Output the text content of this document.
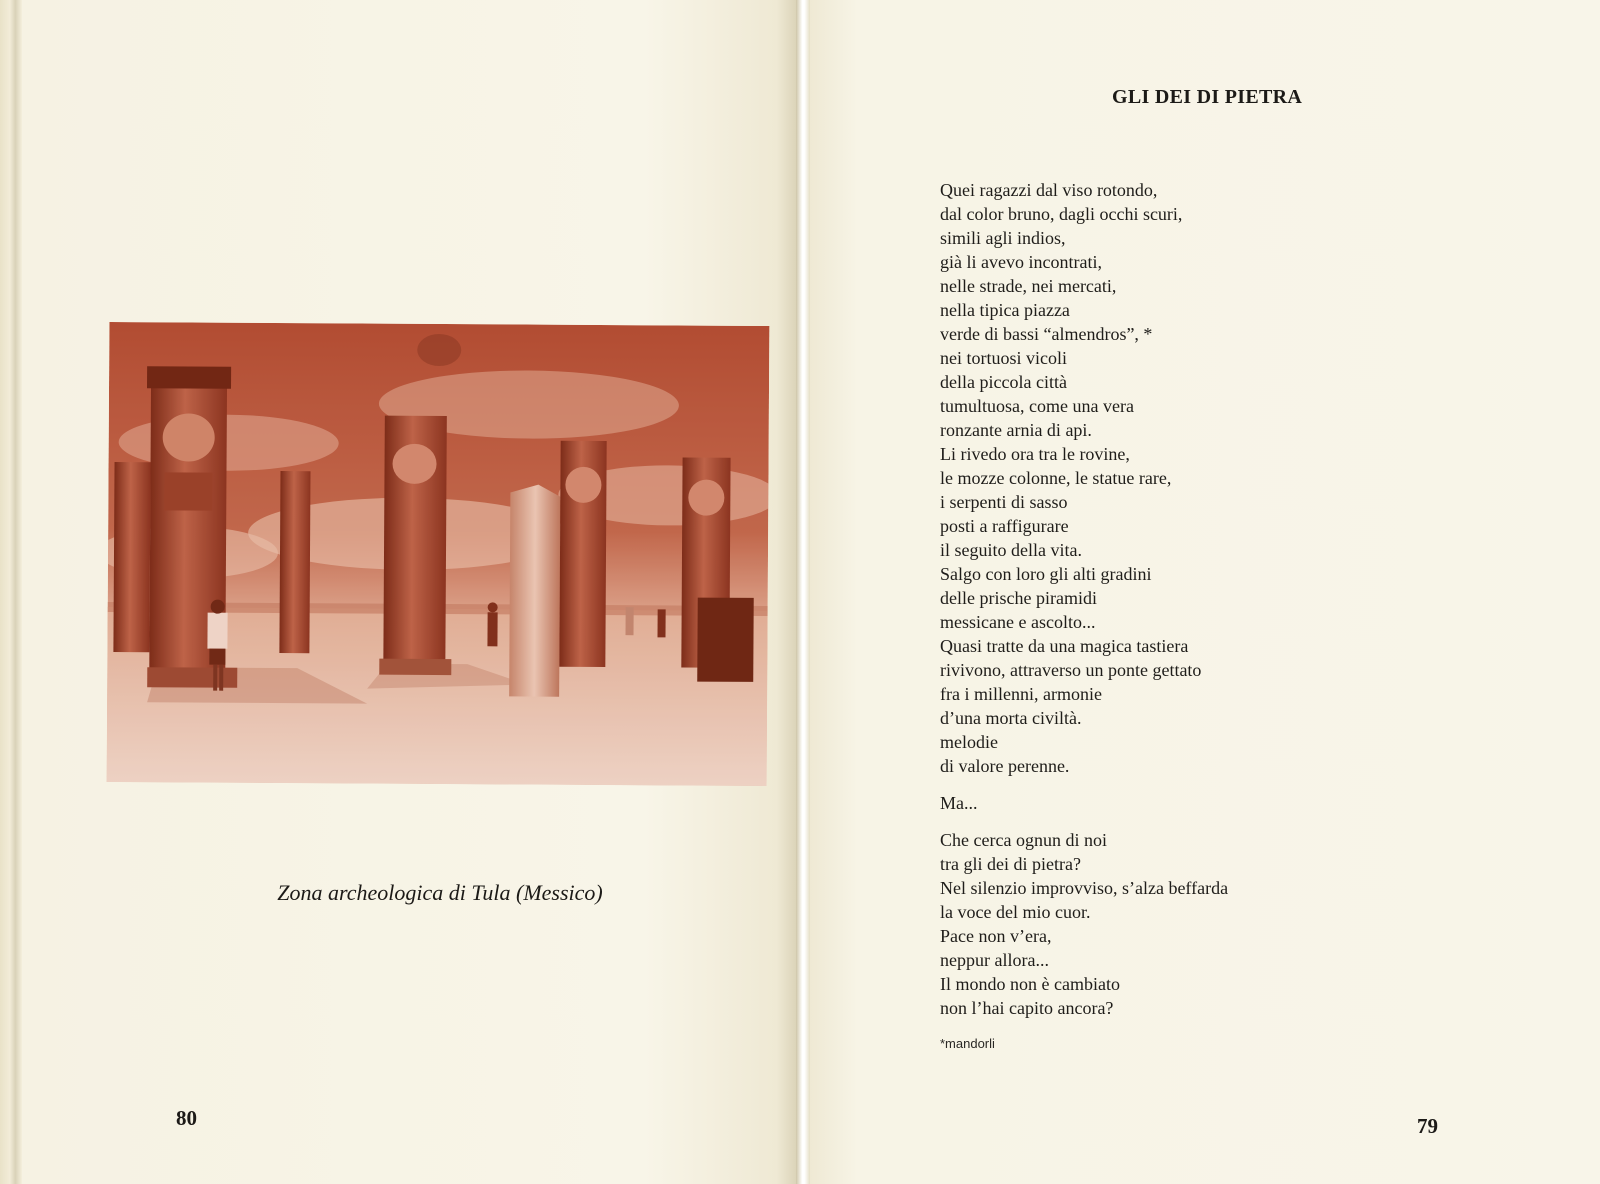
Zona archeologica di Tula (Messico)
80
GLI DEI DI PIETRA
Quei ragazzi dal viso rotondo,
dal color bruno, dagli occhi scuri,
simili agli indios,
già li avevo incontrati,
nelle strade, nei mercati,
nella tipica piazza
verde di bassi “almendros”, *
nei tortuosi vicoli
della piccola città
tumultuosa, come una vera
ronzante arnia di api.
Li rivedo ora tra le rovine,
le mozze colonne, le statue rare,
i serpenti di sasso
posti a raffigurare
il seguito della vita.
Salgo con loro gli alti gradini
delle prische piramidi
messicane e ascolto...
Quasi tratte da una magica tastiera
rivivono, attraverso un ponte gettato
fra i millenni, armonie
d’una morta civiltà.
melodie
di valore perenne.
Ma...
Che cerca ognun di noi
tra gli dei di pietra?
Nel silenzio improvviso, s’alza beffarda
la voce del mio cuor.
Pace non v’era,
neppur allora...
Il mondo non è cambiato
non l’hai capito ancora?
*mandorli
79
